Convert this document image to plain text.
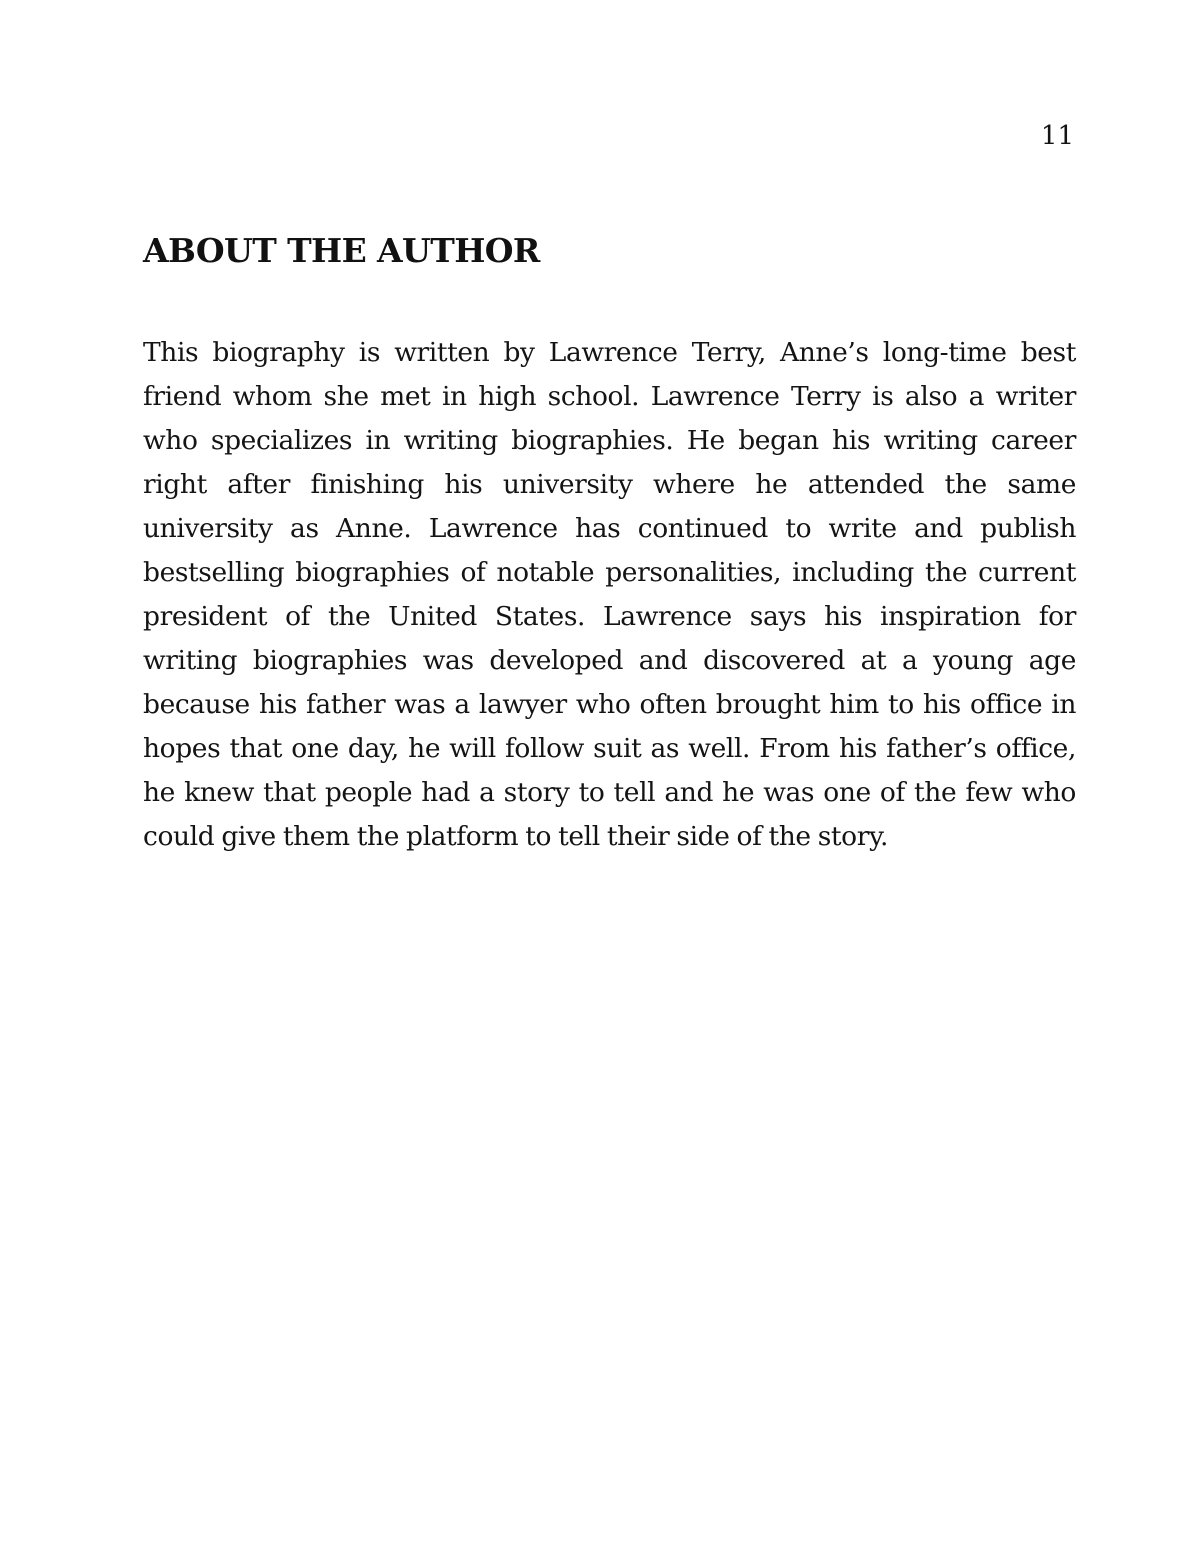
11
ABOUT THE AUTHOR

This biography is written by Lawrence Terry, Anne’s long-time best friend whom she met in high school. Lawrence Terry is also a writer who specializes in writing biographies. He began his writing career right after finishing his university where he attended the same university as Anne. Lawrence has continued to write and publish bestselling biographies of notable personalities, including the current president of the United States. Lawrence says his inspiration for writing biographies was developed and discovered at a young age because his father was a lawyer who often brought him to his office in hopes that one day, he will follow suit as well. From his father’s office, he knew that people had a story to tell and he was one of the few who could give them the platform to tell their side of the story.
